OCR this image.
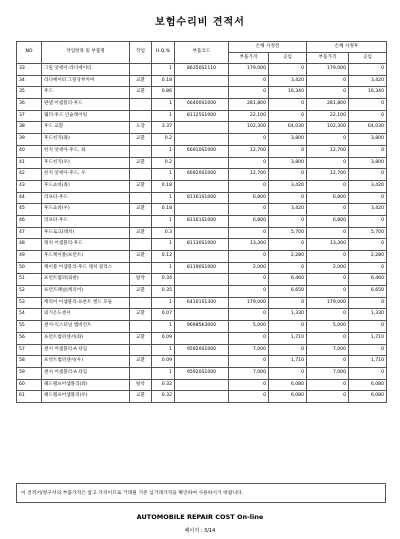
보험수리비 견적서
NO	작업항목 및 부품명	작업	H.Q.%	부품코드	손해 사정전		손해 사정후	
					부품가격	공임	부품가격	공임
33	그릴 앗세이-라디에이터		1	86350S1110	179,000	0	179,000	0
34	라디에이터 그릴상부커버	교환	0.18		0	3,420	0	3,420
35	후드	교환	0.86		0	16,340	0	16,340
36	판넬 어셈블리-후드		1	66400S1000	281,800	0	281,800	0
37	웨더-후드 인슐레이팅		1	81125S1000	22,100	0	22,100	0
38	후드 교환	도장	3.37		102,300	64,030	102,300	64,030
39	후드힌지(좌)	교환	0.2		0	3,800	0	3,800
40	힌지 앗세이-후드, 좌		1	66910S1000	12,700	0	12,700	0
41	후드힌지(우)	교환	0.2		0	3,800	0	3,800
42	힌지 앗세이-후드, 우		1	66920S1000	12,700	0	12,700	0
43	후드쇼바(좌)	교환	0.18		0	3,420	0	3,420
44	리프터-후드		1	81161S1000	6,800	0	6,800	0
45	후드쇼바(우)	교환	0.18		0	3,420	0	3,420
46	리프터-후드		1	81161S1000	6,800	0	6,800	0
47	후드로크(래치)	교환	0.3		0	5,700	0	5,700
48	래치 어셈블리-후드		1	81130S1000	13,300	0	13,300	0
49	후드케이블(프런트)	교환	0.12		0	2,280	0	2,280
50	케이블 어셈블리-후드 래치 릴리스		1	81190S1000	2,000	0	2,000	0
51	프런트범퍼(외판)	탈착	0.34		0	6,460	0	6,460
52	프런트패널(캐리어)	교환	0.35		0	6,650	0	6,650
53	캐리어 어셈블리-프론트 엔드 모듈		1	64101S1300	179,000	0	179,000	0
54	외기온도센서	교환	0.07		0	1,330	0	1,330
55	센서-익스터널 앰비언트		1	96985K3000	5,000	0	5,000	0
56	프런트범퍼센서(좌)	교환	0.09		0	1,710	0	1,710
57	센서 어셈블리-A 타입		1	95920S1000	7,000	0	7,000	0
58	프런트범퍼센서(우)	교환	0.09		0	1,710	0	1,710
59	센서 어셈블리-A 타입		1	95920S1000	7,000	0	7,000	0
60	헤드램프어셈블리(좌)	탈착	0.32		0	6,080	0	6,080
61	헤드램프어셈블리(우)	교환	0.32		0	6,080	0	6,080
이 견적서/청구서의 부품가격은 참고 가격이므로 거래될 기존 심거래가격을 확인하여 사용하시기 바랍니다.
AUTOMOBILE REPAIR COST On-line
페이지 : 3/14
